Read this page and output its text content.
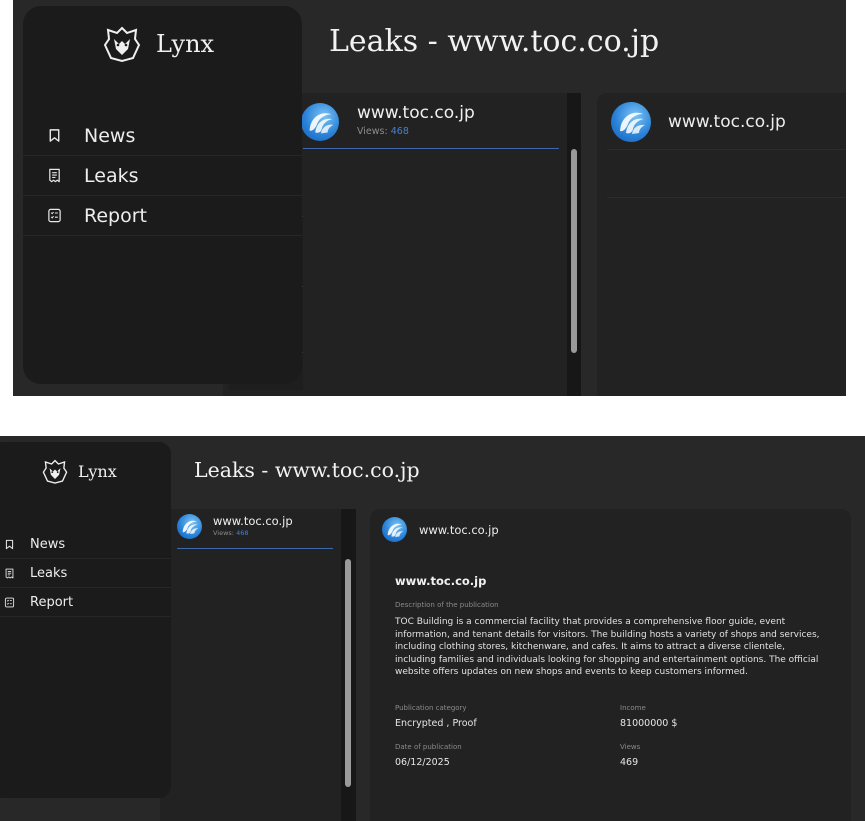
www.toc.co.jp
www.toc.co.jp
Views: 468
Lynx
News
Leaks
Report
Leaks - www.toc.co.jp
www.toc.co.jp
www.toc.co.jp
Description of the publication
TOC Building is a commercial facility that provides a comprehensive floor guide, event information, and tenant details for visitors. The building hosts a variety of shops and services, including clothing stores, kitchenware, and cafes. It aims to attract a diverse clientele, including families and individuals looking for shopping and entertainment options. The official website offers updates on new shops and events to keep customers informed.
Publication category
Encrypted , Proof
Income
81000000 $
Date of publication
06/12/2025
Views
469
www.toc.co.jp
Views: 468
Lynx
News
Leaks
Report
Leaks - www.toc.co.jp
